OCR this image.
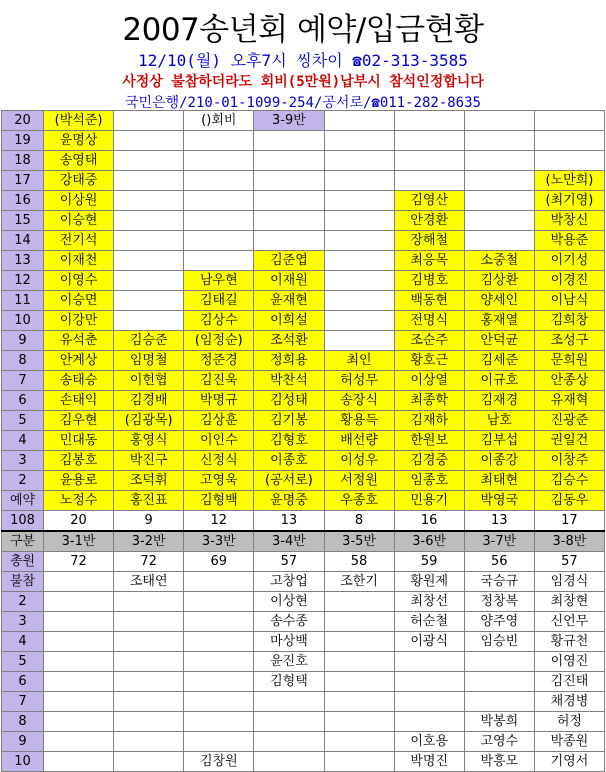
2007송년회 예약/입금현황
12/10(월) 오후7시 씽차이 ☎02-313-3585
사정상 불참하더라도 회비(5만원)납부시 참석인정합니다
국민은행/210-01-1099-254/공서로/☎011-282-8635
20	(박석준)		()회비	3-9반				
19	윤명상							
18	송영태							
17	강태중							(노만희)
16	이상원					김영산		(최기영)
15	이승현					안경환		박창신
14	전기석					장해철		박용준
13	이재천			김준엽		최응목	소중철	이기성
12	이영수		남우현	이재원		김병호	김상환	이경진
11	이승면		김태길	윤재현		백동현	양세인	이남식
10	이강만		김상수	이희설		전명식	홍재열	김희창
9	유석춘	김승준	(임정순)	조석환		조순주	안덕균	조성구
8	안계상	임명철	정준경	정희용	최인	황호근	김세준	문희원
7	송태승	이헌협	김진욱	박찬석	허성무	이상열	이규호	안종상
6	손태익	김경배	박명규	김성태	송장식	최종학	김재경	유재혁
5	김우현	(김광목)	김상훈	김기봉	황용득	김재하	남호	진광준
4	민대동	홍영식	이인수	김형호	배선량	한원보	김부섭	권일건
3	김봉호	박진구	신정식	이종호	이성우	김경중	이종강	이창주
2	윤용로	조덕휘	고영욱	(공서로)	서정원	임종호	최태현	김승수
예약	노정수	홍진표	김형백	윤명중	우종호	민용기	박영국	김동우
108	20	9	12	13	8	16	13	17
구분	3-1반	3-2반	3-3반	3-4반	3-5반	3-6반	3-7반	3-8반
총원	72	72	69	57	58	59	56	57
불참		조태연		고창업	조한기	황원제	국승규	임경식
2				이상현		최창선	정창복	최창현
3				송수종		허순철	양주영	신언무
4				마상백		이광식	임승빈	황규천
5				윤진호				이영진
6				김형택				김진태
7								채경병
8							박봉희	허정
9						이호용	고영수	박종원
10			김창원			박명진	박흥모	기영서
